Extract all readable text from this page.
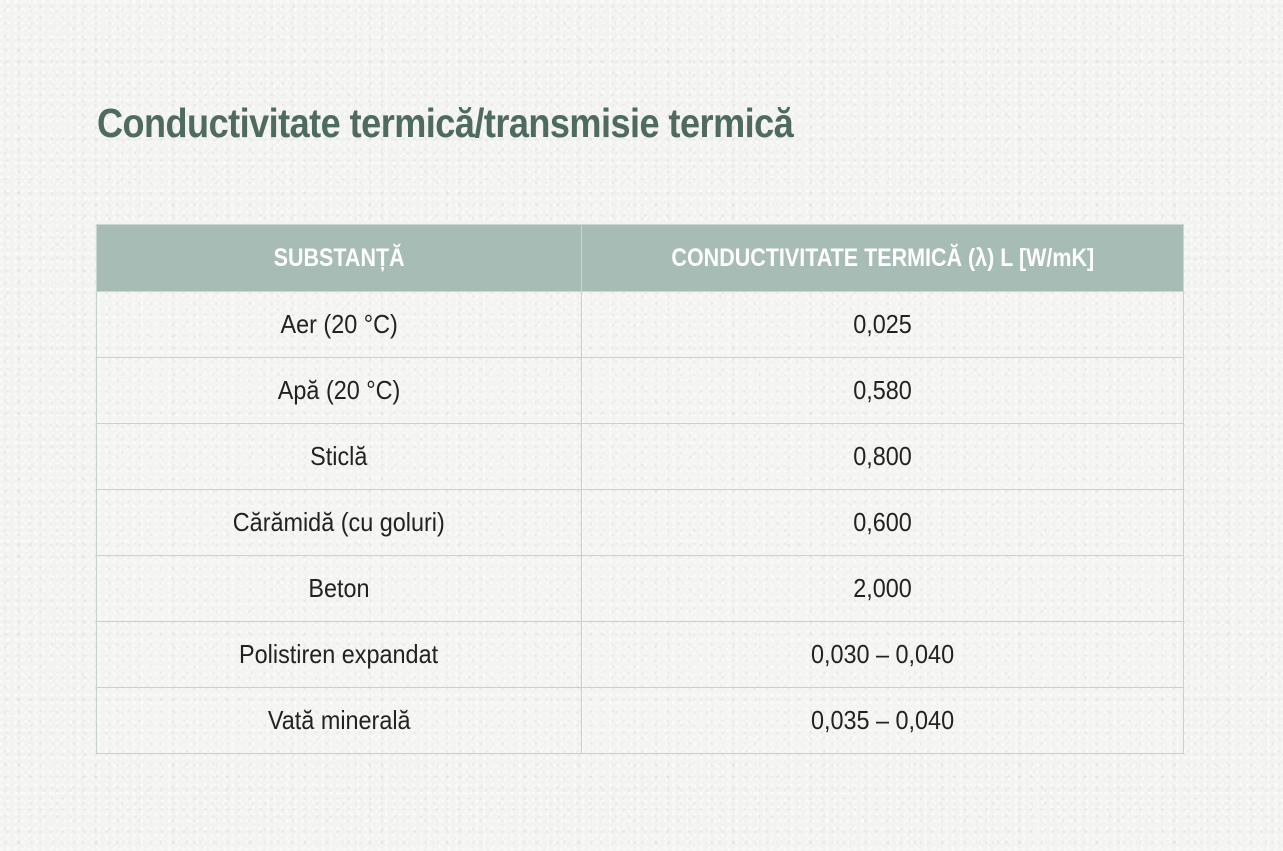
Conductivitate termică/transmisie termică
SUBSTANȚĂ	CONDUCTIVITATE TERMICĂ (λ) L [W/mK]
Aer (20 °C)	0,025
Apă (20 °C)	0,580
Sticlă	0,800
Cărămidă (cu goluri)	0,600
Beton	2,000
Polistiren expandat	0,030 – 0,040
Vată minerală	0,035 – 0,040
